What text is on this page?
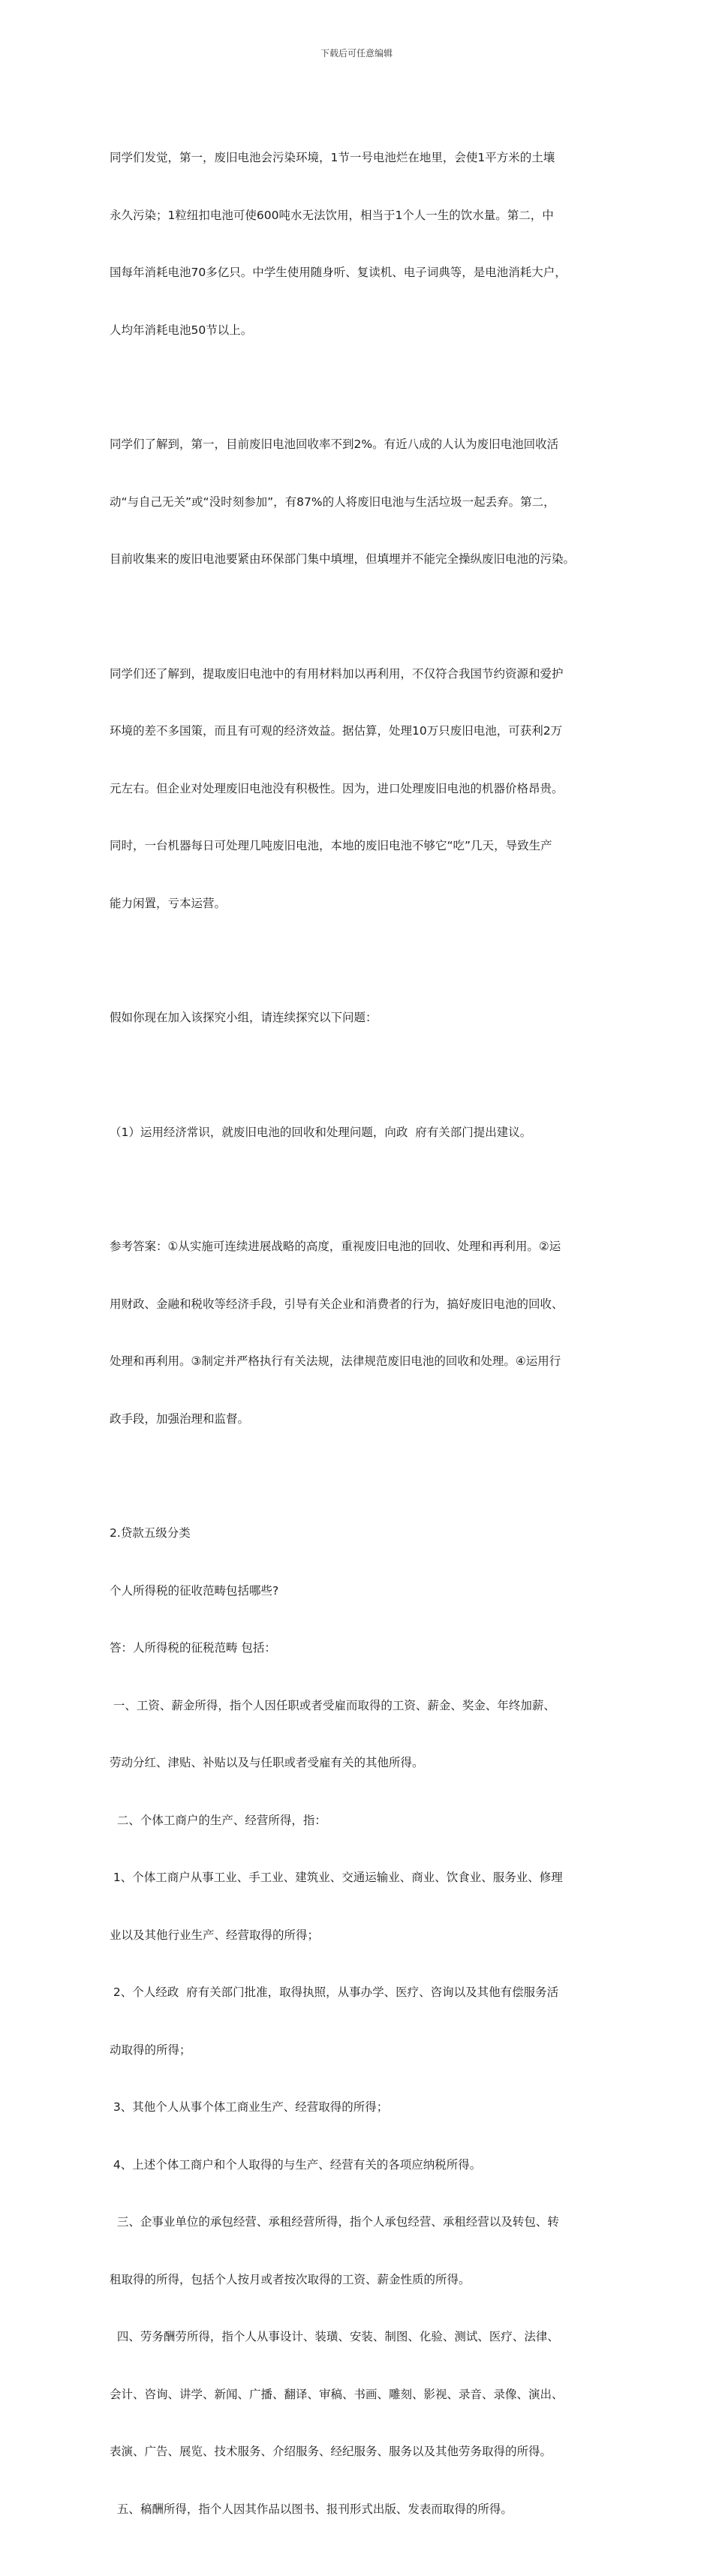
下载后可任意编辑

同学们发觉，第一，废旧电池会污染环境，1节一号电池烂在地里，会使1平方米的土壤

永久污染；1粒纽扣电池可使600吨水无法饮用，相当于1个人一生的饮水量。第二，中

国每年消耗电池70多亿只。中学生使用随身听、复读机、电子词典等，是电池消耗大户，

人均年消耗电池50节以上。

同学们了解到，第一，目前废旧电池回收率不到2%。有近八成的人认为废旧电池回收活

动“与自己无关”或“没时刻参加”，有87%的人将废旧电池与生活垃圾一起丢弃。第二，

目前收集来的废旧电池要紧由环保部门集中填埋，但填埋并不能完全操纵废旧电池的污染。

同学们还了解到，提取废旧电池中的有用材料加以再利用，不仅符合我国节约资源和爱护

环境的差不多国策，而且有可观的经济效益。据估算，处理10万只废旧电池，可获利2万

元左右。但企业对处理废旧电池没有积极性。因为，进口处理废旧电池的机器价格昂贵。

同时，一台机器每日可处理几吨废旧电池，本地的废旧电池不够它“吃”几天，导致生产

能力闲置，亏本运营。

假如你现在加入该探究小组，请连续探究以下问题：

（1）运用经济常识，就废旧电池的回收和处理问题，向政  府有关部门提出建议。

参考答案：①从实施可连续进展战略的高度，重视废旧电池的回收、处理和再利用。②运

用财政、金融和税收等经济手段，引导有关企业和消费者的行为，搞好废旧电池的回收、

处理和再利用。③制定并严格执行有关法规，法律规范废旧电池的回收和处理。④运用行

政手段，加强治理和监督。

2.贷款五级分类

个人所得税的征收范畴包括哪些?

答：人所得税的征税范畴 包括：

一、工资、薪金所得，指个人因任职或者受雇而取得的工资、薪金、奖金、年终加薪、

劳动分红、津贴、补贴以及与任职或者受雇有关的其他所得。

二、个体工商户的生产、经营所得，指：

1、个体工商户从事工业、手工业、建筑业、交通运输业、商业、饮食业、服务业、修理

业以及其他行业生产、经营取得的所得；

2、个人经政  府有关部门批准，取得执照，从事办学、医疗、咨询以及其他有偿服务活

动取得的所得；

3、其他个人从事个体工商业生产、经营取得的所得；

4、上述个体工商户和个人取得的与生产、经营有关的各项应纳税所得。

三、企事业单位的承包经营、承租经营所得，指个人承包经营、承租经营以及转包、转

租取得的所得，包括个人按月或者按次取得的工资、薪金性质的所得。

四、劳务酬劳所得，指个人从事设计、装璜、安装、制图、化验、测试、医疗、法律、

会计、咨询、讲学、新闻、广播、翻译、审稿、书画、雕刻、影视、录音、录像、演出、

表演、广告、展览、技术服务、介绍服务、经纪服务、服务以及其他劳务取得的所得。

五、稿酬所得，指个人因其作品以图书、报刊形式出版、发表而取得的所得。
